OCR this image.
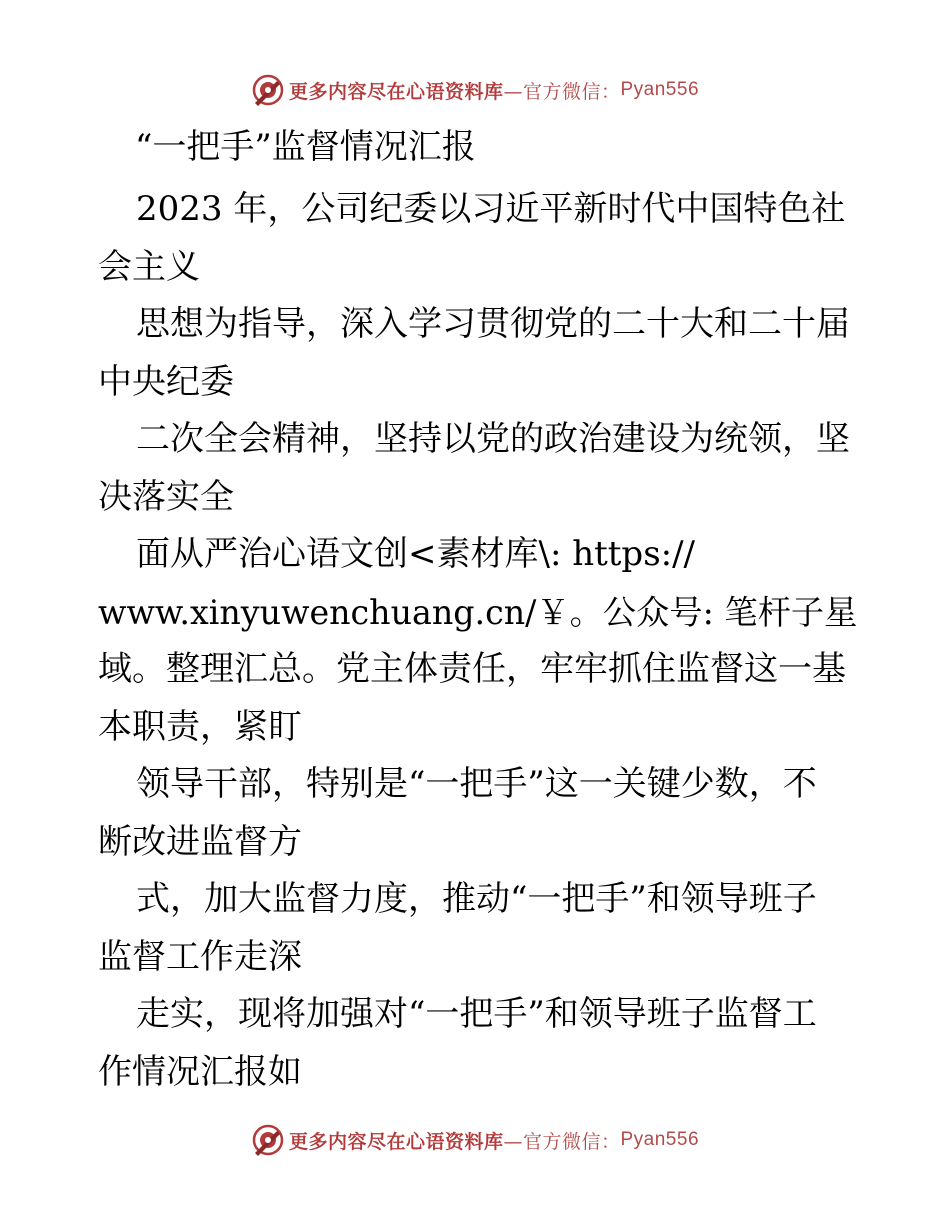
更多内容尽在心语资料库 —官方微信： Pyan556
“一把手”监督情况汇报
2023 年，公司纪委以习近平新时代中国特色社
会主义
思想为指导，深入学习贯彻党的二十大和二十届
中央纪委
二次全会精神，坚持以党的政治建设为统领，坚
决落实全
面从严治心语文创<素材库\: https://
www.xinyuwenchuang.cn/￥。公众号: 笔杆子星
域。整理汇总。党主体责任，牢牢抓住监督这一基
本职责，紧盯
领导干部，特别是“一把手”这一关键少数，不
断改进监督方
式，加大监督力度，推动“一把手”和领导班子
监督工作走深
走实，现将加强对“一把手”和领导班子监督工
作情况汇报如
更多内容尽在心语资料库 —官方微信： Pyan556
